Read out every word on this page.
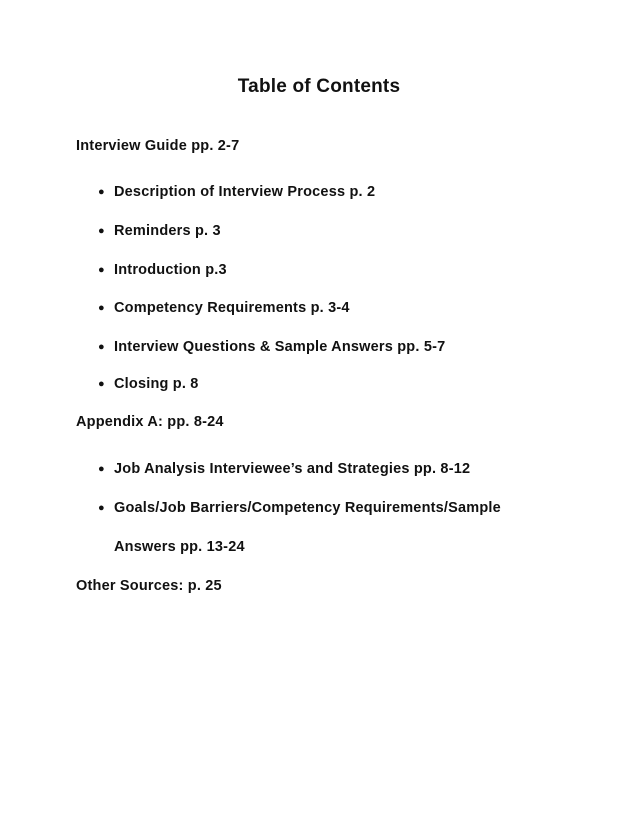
Table of Contents
Interview Guide pp. 2-7
● Description of Interview Process p. 2
● Reminders p. 3
● Introduction p.3
● Competency Requirements p. 3-4
● Interview Questions & Sample Answers pp. 5-7
● Closing p. 8
Appendix A: pp. 8-24
● Job Analysis Interviewee’s and Strategies pp. 8-12
● Goals/Job Barriers/Competency Requirements/Sample
Answers pp. 13-24
Other Sources: p. 25
